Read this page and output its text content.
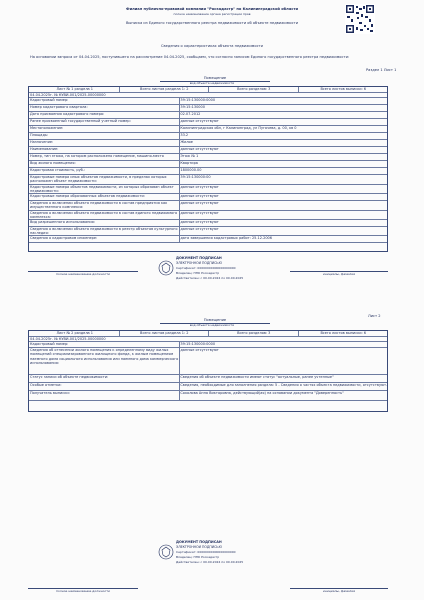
Филиал публично-правовой компании "Роскадастр" по Калининградской области
полное наименование органа регистрации прав
Выписка из Единого государственного реестра недвижимости об объекте недвижимости
Сведения о характеристиках объекта недвижимости
На основании запроса от 04.04.2025, поступившего на рассмотрение 04.04.2025, сообщаем, что согласно записям Единого государственного реестра недвижимости:
Раздел 1 Лист 1
Помещение
вид объекта недвижимости
Лист № 1 раздела 1	Всего листов раздела 1: 2	Всего разделов: 3	Всего листов выписки: 6
04.04.2025г. № КУВИ-001/2025-00000000
Кадастровый номер:	39:15:130000:0000
Номер кадастрового квартала:	39:15:130000
Дата присвоения кадастрового номера:	02.07.2012
Ранее присвоенный государственный учетный номер:	данные отсутствуют
Местоположение:	Калининградская обл, г Калининград, ул Пугачева, д. 00, кв 0
Площадь:	33.2
Назначение:	Жилое
Наименование:	данные отсутствуют
Номер, тип этажа, на котором расположено помещение, машино-место	Этаж № 1
Вид жилого помещения:	Квартира
Кадастровая стоимость, руб.:	1800000.00
Кадастровые номера иных объектов недвижимости, в пределах которых расположен объект недвижимости:
39:15:130000:00
Кадастровые номера объектов недвижимости, из которых образован объект недвижимости:
данные отсутствуют
Кадастровые номера образованных объектов недвижимости:	данные отсутствуют
Сведения о включении объекта недвижимости в состав предприятия как имущественного комплекса:
данные отсутствуют
Сведения о включении объекта недвижимости в состав единого недвижимого комплекса:
данные отсутствуют
Вид разрешенного использования:	данные отсутствуют
Сведения о включении объекта недвижимости в реестр объектов культурного наследия:
данные отсутствуют
Сведения о кадастровом инженере:	дата завершения кадастровых работ: 25.12.2006
полное наименование должности	инициалы, фамилия
ДОКУМЕНТ ПОДПИСАН
ЭЛЕКТРОННОЙ ПОДПИСЬЮ
Сертификат: 00000000000000000000
Владелец: ППК Роскадастр
Действителен: с 00.00.2024 по 00.00.2025
Лист 2
Помещение
вид объекта недвижимости
Лист № 2 раздела 1	Всего листов раздела 1: 2	Всего разделов: 3	Всего листов выписки: 6
04.04.2025г. № КУВИ-001/2025-00000000
Кадастровый номер:	39:15:130000:0000
Сведения об отнесении жилого помещения к определенному виду жилых помещений специализированного жилищного фонда, к жилым помещениям наемного дома социального использования или наемного дома коммерческого использования:
данные отсутствуют
Статус записи об объекте недвижимости:	Сведения об объекте недвижимости имеют статус "актуальные, ранее учтенные"
Особые отметки:	Сведения, необходимые для заполнения раздела: 5 - Сведения о частях объекта недвижимости, отсутствуют.
Получатель выписки:	Соколова Анна Викторовна, действующий(ая) на основании документа "Доверенность"
ДОКУМЕНТ ПОДПИСАН
ЭЛЕКТРОННОЙ ПОДПИСЬЮ
Сертификат: 00000000000000000000
Владелец: ППК Роскадастр
Действителен: с 00.00.2024 по 00.00.2025
полное наименование должности	инициалы, фамилия
